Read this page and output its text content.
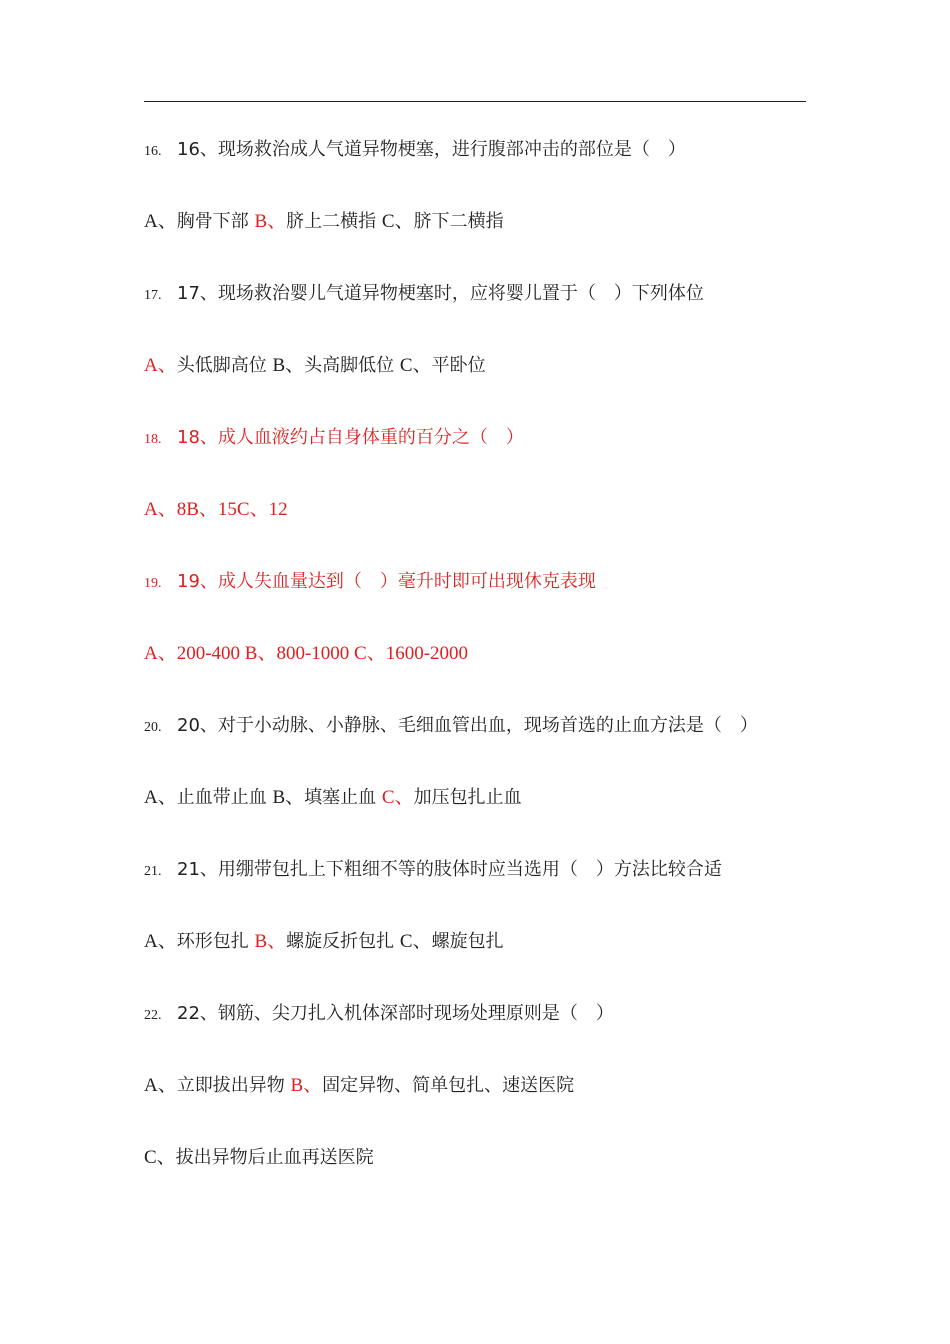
16. 16、现场救治成人气道异物梗塞，进行腹部冲击的部位是（　）
A、胸骨下部 B、脐上二横指 C、脐下二横指
17. 17、现场救治婴儿气道异物梗塞时，应将婴儿置于（　）下列体位
A、头低脚高位 B、头高脚低位 C、平卧位
18. 18、成人血液约占自身体重的百分之（　）
A、8B、15C、12
19. 19、成人失血量达到（　）毫升时即可出现休克表现
A、200-400 B、800-1000 C、1600-2000
20. 20、对于小动脉、小静脉、毛细血管出血，现场首选的止血方法是（　）
A、止血带止血 B、填塞止血 C、加压包扎止血
21. 21、用绷带包扎上下粗细不等的肢体时应当选用（　）方法比较合适
A、环形包扎 B、螺旋反折包扎 C、螺旋包扎
22. 22、钢筋、尖刀扎入机体深部时现场处理原则是（　）
A、立即拔出异物 B、固定异物、简单包扎、速送医院
C、拔出异物后止血再送医院
